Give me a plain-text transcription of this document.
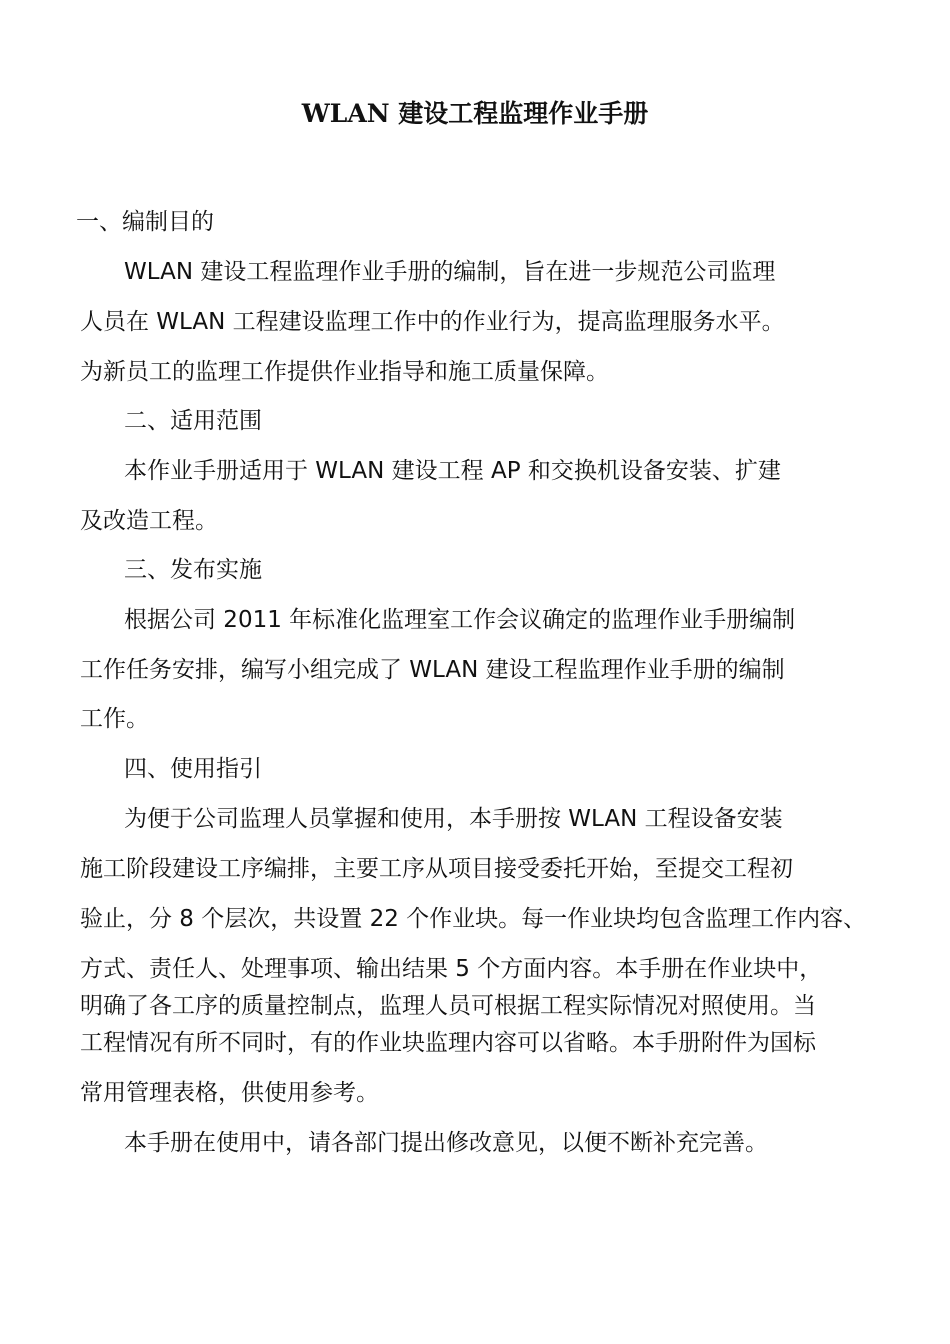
WLAN 建设工程监理作业手册

一、编制目的

WLAN 建设工程监理作业手册的编制，旨在进一步规范公司监理

人员在 WLAN 工程建设监理工作中的作业行为，提高监理服务水平。

为新员工的监理工作提供作业指导和施工质量保障。

二、适用范围

本作业手册适用于 WLAN 建设工程 AP 和交换机设备安装、扩建

及改造工程。

三、发布实施

根据公司 2011 年标准化监理室工作会议确定的监理作业手册编制

工作任务安排，编写小组完成了 WLAN 建设工程监理作业手册的编制

工作。

四、使用指引

为便于公司监理人员掌握和使用，本手册按 WLAN 工程设备安装

施工阶段建设工序编排，主要工序从项目接受委托开始，至提交工程初

验止，分 8 个层次，共设置 22 个作业块。每一作业块均包含监理工作内容、

方式、责任人、处理事项、输出结果 5 个方面内容。本手册在作业块中，

明确了各工序的质量控制点，监理人员可根据工程实际情况对照使用。当

工程情况有所不同时，有的作业块监理内容可以省略。本手册附件为国标

常用管理表格，供使用参考。

本手册在使用中，请各部门提出修改意见，以便不断补充完善。
